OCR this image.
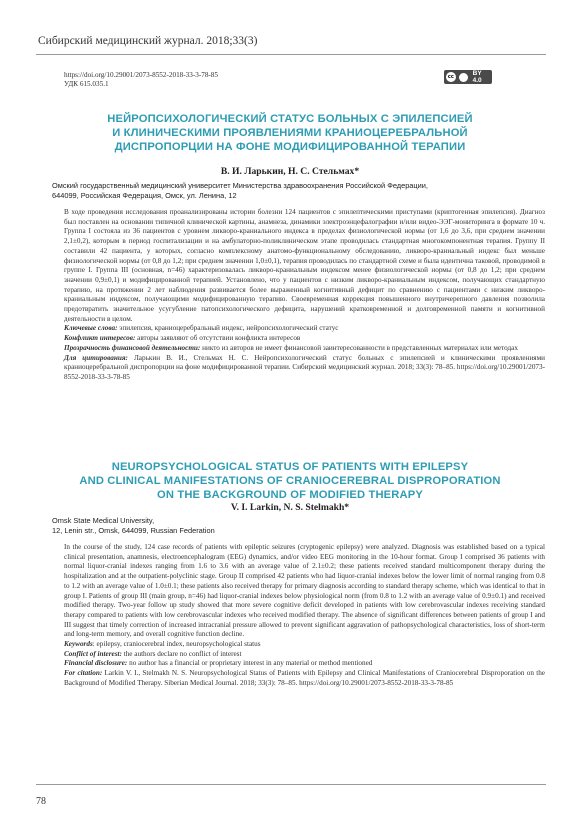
Сибирский медицинский журнал. 2018;33(3)
https://doi.org/10.29001/2073-8552-2018-33-3-78-85
УДК 615.035.1
cc	BY 4.0
НЕЙРОПСИХОЛОГИЧЕСКИЙ СТАТУС БОЛЬНЫХ С ЭПИЛЕПСИЕЙ
И КЛИНИЧЕСКИМИ ПРОЯВЛЕНИЯМИ КРАНИОЦЕРЕБРАЛЬНОЙ
ДИСПРОПОРЦИИ НА ФОНЕ МОДИФИЦИРОВАННОЙ ТЕРАПИИ
В. И. Ларькин, Н. С. Стельмах*
Омский государственный медицинский университет Министерства здравоохранения Российской Федерации,
644099, Российская Федерация, Омск, ул. Ленина, 12

В ходе проведения исследования проанализированы истории болезни 124 пациентов с эпилептическими приступами (криптогенная эпилепсия). Диагноз был поставлен на основании типичной клинической картины, анамнеза, динамики электроэнцефалографии и/или видео-ЭЭГ-мониторинга в формате 10 ч. Группа I состояла из 36 пациентов с уровнем ликворо-краниального индекса в пределах физиологической нормы (от 1,6 до 3,6, при среднем значении 2,1±0,2), которым в период госпитализации и на амбулаторно-поликлиническом этапе проводилась стандартная многокомпонентная терапия. Группу II составили 42 пациента, у которых, согласно комплексному анатомо-функциональному обследованию, ликворо-краниальный индекс был меньше физиологической нормы (от 0,8 до 1,2; при среднем значении 1,0±0,1), терапия проводилась по стандартной схеме и была идентична таковой, проводимой в группе I. Группа III (основная, n=46) характеризовалась ликворо-краниальным индексом менее физиологической нормы (от 0,8 до 1,2; при среднем значении 0,9±0,1) и модифицированной терапией. Установлено, что у пациентов с низким ликворо-краниальным индексом, получающих стандартную терапию, на протяжении 2 лет наблюдения развивается более выраженный когнитивный дефицит по сравнению с пациентами с низким ликворо-краниальным индексом, получающими модифицированную терапию. Своевременная коррекция повышенного внутричерепного давления позволила предотвратить значительное усугубление патопсихологического дефицита, нарушений кратковременной и долговременной памяти и когнитивной деятельности в целом.

Ключевые слова: эпилепсия, краниоцеребральный индекс, нейропсихологический статус

Конфликт интересов: авторы заявляют об отсутствии конфликта интересов

Прозрачность финансовой деятельности: никто из авторов не имеет финансовой заинтересованности в представленных материалах или методах

Для цитирования: Ларькин В. И., Стельмах Н. С. Нейропсихологический статус больных с эпилепсией и клиническими проявлениями краниоцеребральной диспропорции на фоне модифицированной терапии. Сибирский медицинский журнал. 2018; 33(3): 78–85. https://doi.org/10.29001/2073-8552-2018-33-3-78-85

NEUROPSYCHOLOGICAL STATUS OF PATIENTS WITH EPILEPSY
AND CLINICAL MANIFESTATIONS OF CRANIOCEREBRAL DISPROPORATION
ON THE BACKGROUND OF MODIFIED THERAPY
V. I. Larkin, N. S. Stelmakh*
Omsk State Medical University,
12, Lenin str., Omsk, 644099, Russian Federation

In the course of the study, 124 case records of patients with epileptic seizures (cryptogenic epilepsy) were analyzed. Diagnosis was established based on a typical clinical presentation, anamnesis, electroencephalogram (EEG) dynamics, and/or video EEG monitoring in the 10-hour format. Group I comprised 36 patients with normal liquor-cranial indexes ranging from 1.6 to 3.6 with an average value of 2.1±0.2; these patients received standard multicomponent therapy during the hospitalization and at the outpatient-polyclinic stage. Group II comprised 42 patients who had liquor-cranial indexes below the lower limit of normal ranging from 0.8 to 1.2 with an average value of 1.0±0.1; these patients also received therapy for primary diagnosis according to standard therapy scheme, which was identical to that in group I. Patients of group III (main group, n=46) had liquor-cranial indexes below physiological norm (from 0.8 to 1.2 with an average value of 0.9±0.1) and received modified therapy. Two-year follow up study showed that more severe cognitive deficit developed in patients with low cerebrovascular indexes receiving standard therapy compared to patients with low cerebrovascular indexes who received modified therapy. The absence of significant differences between patients of group I and III suggest that timely correction of increased intracranial pressure allowed to prevent significant aggravation of pathopsychological characteristics, loss of short-term and long-term memory, and overall cognitive function decline.

Keywords: epilepsy, craniocerebral index, neuropsychological status

Conflict of interest: the authors declare no conflict of interest

Financial disclosure: no author has a financial or proprietary interest in any material or method mentioned

For citation: Larkin V. I., Stelmakh N. S. Neuropsychological Status of Patients with Epilepsy and Clinical Manifestations of Craniocerebral Disproporation on the Background of Modified Therapy. Siberian Medical Journal. 2018; 33(3): 78–85. https://doi.org/10.29001/2073-8552-2018-33-3-78-85

78
